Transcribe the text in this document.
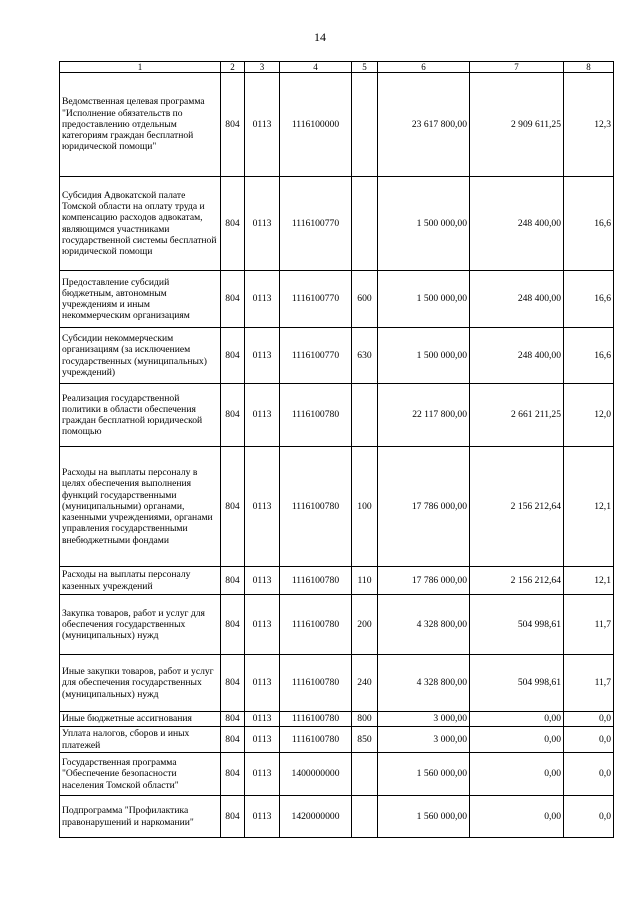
14
1	2	3	4	5	6	7	8
Ведомственная целевая программа "Исполнение обязательств по предоставлению отдельным категориям граждан бесплатной юридической помощи"	804	0113	1116100000		23 617 800,00	2 909 611,25	12,3
Субсидия Адвокатской палате Томской области на оплату труда и компенсацию расходов адвокатам, являющимся участниками государственной системы бесплатной юридической помощи	804	0113	1116100770		1 500 000,00	248 400,00	16,6
Предоставление субсидий бюджетным, автономным учреждениям и иным некоммерческим организациям	804	0113	1116100770	600	1 500 000,00	248 400,00	16,6
Субсидии некоммерческим организациям (за исключением государственных (муниципальных) учреждений)	804	0113	1116100770	630	1 500 000,00	248 400,00	16,6
Реализация государственной политики в области обеспечения граждан бесплатной юридической помощью	804	0113	1116100780		22 117 800,00	2 661 211,25	12,0
Расходы на выплаты персоналу в целях обеспечения выполнения функций государственными (муниципальными) органами, казенными учреждениями, органами управления государственными внебюджетными фондами	804	0113	1116100780	100	17 786 000,00	2 156 212,64	12,1
Расходы на выплаты персоналу казенных учреждений	804	0113	1116100780	110	17 786 000,00	2 156 212,64	12,1
Закупка товаров, работ и услуг для обеспечения государственных (муниципальных) нужд	804	0113	1116100780	200	4 328 800,00	504 998,61	11,7
Иные закупки товаров, работ и услуг для обеспечения государственных (муниципальных) нужд	804	0113	1116100780	240	4 328 800,00	504 998,61	11,7
Иные бюджетные ассигнования	804	0113	1116100780	800	3 000,00	0,00	0,0
Уплата налогов, сборов и иных платежей	804	0113	1116100780	850	3 000,00	0,00	0,0
Государственная программа "Обеспечение безопасности населения Томской области"	804	0113	1400000000		1 560 000,00	0,00	0,0
Подпрограмма "Профилактика правонарушений и наркомании"	804	0113	1420000000		1 560 000,00	0,00	0,0
